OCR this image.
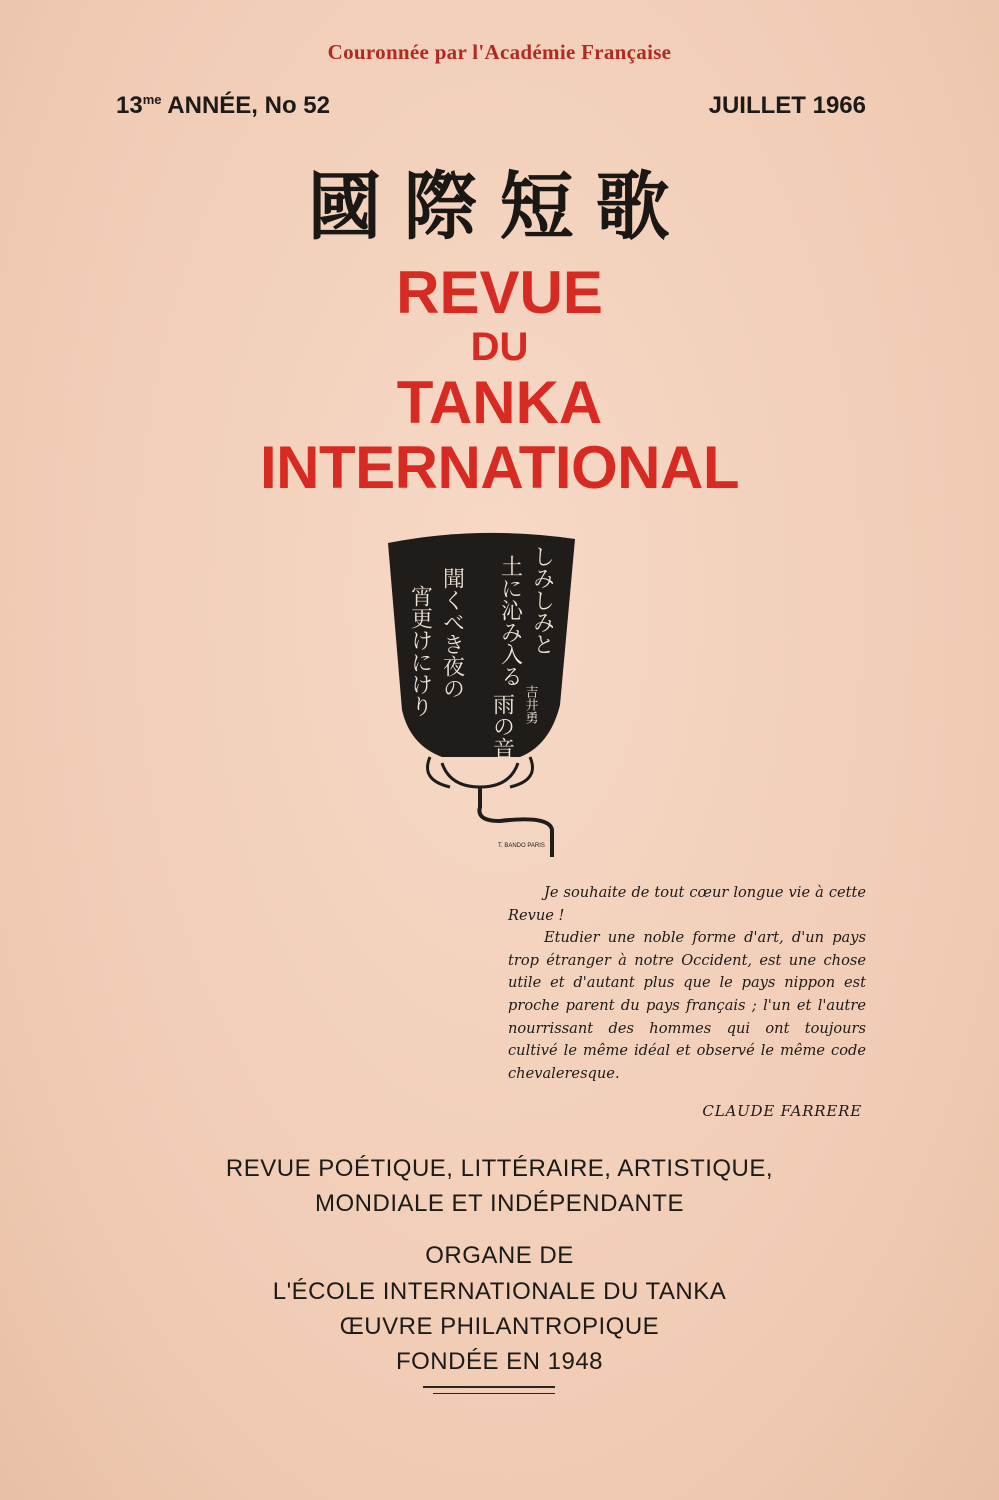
Couronnée par l'Académie Française
$13^{me}$ ANNÉE, No 52	JUILLET 1966
國際短歌
REVUE
DU
TANKA
INTERNATIONAL
しみしみと
土に沁み入る
雨の音
聞くべき夜の
宵更けにけり	吉井勇
T. BANDO PARIS

Je souhaite de tout cœur longue vie à cette Revue !

Etudier une noble forme d'art, d'un pays trop étranger à notre Occident, est une chose utile et d'autant plus que le pays nippon est proche parent du pays français ; l'un et l'autre nourrissant des hommes qui ont toujours cultivé le même idéal et observé le même code chevaleresque.

CLAUDE FARRERE
REVUE POÉTIQUE, LITTÉRAIRE, ARTISTIQUE,
MONDIALE ET INDÉPENDANTE
ORGANE DE
L'ÉCOLE INTERNATIONALE DU TANKA
ŒUVRE PHILANTROPIQUE
FONDÉE EN 1948
